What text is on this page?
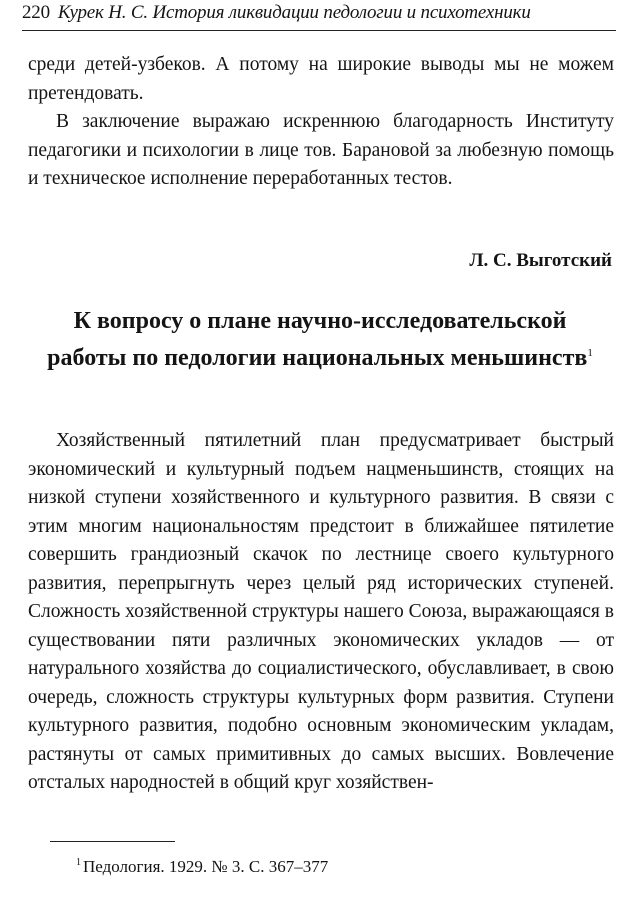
220 Курек Н. С. История ликвидации педологии и психотехники

среди детей-узбеков. А потому на широкие выводы мы не можем претендовать.

В заключение выражаю искреннюю благодарность Институту педагогики и психологии в лице тов. Барановой за любезную помощь и техническое исполнение переработанных тестов.

Л. С. Выготский
К вопросу о плане научно-исследовательской работы по педологии национальных меньшинств$^1$

Хозяйственный пятилетний план предусматривает быстрый экономический и культурный подъем нацменьшинств, стоящих на низкой ступени хозяйственного и культурного развития. В связи с этим многим национальностям предстоит в ближайшее пятилетие совершить грандиозный скачок по лестнице своего культурного развития, перепрыгнуть через целый ряд исторических ступеней. Сложность хозяйственной структуры нашего Союза, выражающаяся в существовании пяти различных экономических укладов — от натурального хозяйства до социалистического, обуславливает, в свою очередь, сложность структуры культурных форм развития. Ступени культурного развития, подобно основным экономическим укладам, растянуты от самых примитивных до самых высших. Вовлечение отсталых народностей в общий круг хозяйствен-

$^1$ Педология. 1929. № 3. С. 367–377
